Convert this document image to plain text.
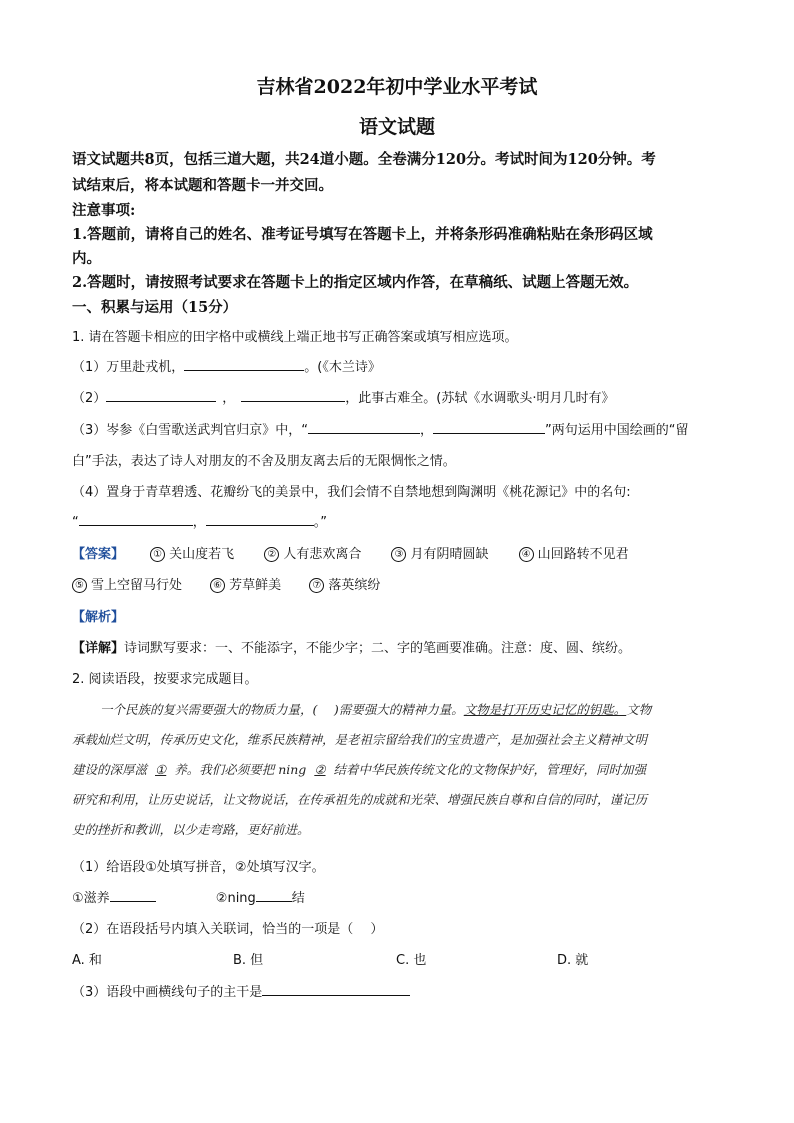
吉林省2022年初中学业水平考试
语文试题
语文试题共8页，包括三道大题，共24道小题。全卷满分120分。考试时间为120分钟。考
试结束后，将本试题和答题卡一并交回。
注意事项:
1.答题前，请将自己的姓名、准考证号填写在答题卡上，并将条形码准确粘贴在条形码区域
内。
2.答题时，请按照考试要求在答题卡上的指定区域内作答，在草稿纸、试题上答题无效。
一、积累与运用（15分）
1. 请在答题卡相应的田字格中或横线上端正地书写正确答案或填写相应选项。
（1）万里赴戎机，	。(《木兰诗》
（2）	，	，此事古难全。(苏轼《水调歌头·明月几时有》
（3）岑参《白雪歌送武判官归京》中，“	，	”两句运用中国绘画的“留
白”手法，表达了诗人对朋友的不舍及朋友离去后的无限惆怅之情。
（4）置身于青草碧透、花瓣纷飞的美景中，我们会情不自禁地想到陶渊明《桃花源记》中的名句:
“	，	。”
【答案】	① 关山度若飞	② 人有悲欢离合	③ 月有阴晴圆缺	④ 山回路转不见君
⑤ 雪上空留马行处	⑥ 芳草鲜美	⑦ 落英缤纷
【解析】
【详解】诗词默写要求：一、不能添字，不能少字；二、字的笔画要准确。注意：度、圆、缤纷。
2. 阅读语段，按要求完成题目。
一个民族的复兴需要强大的物质力量，(　 )需要强大的精神力量。文物是打开历史记忆的钥匙。文物
承载灿烂文明，传承历史文化，维系民族精神，是老祖宗留给我们的宝贵遗产，是加强社会主义精神文明
建设的深厚滋 ① 养。我们必须要把 ning ② 结着中华民族传统文化的文物保护好，管理好，同时加强
研究和利用，让历史说话，让文物说话，在传承祖先的成就和光荣、增强民族自尊和自信的同时，谨记历
史的挫折和教训，以少走弯路，更好前进。
（1）给语段①处填写拼音，②处填写汉字。
①滋养	②ning	结
（2）在语段括号内填入关联词，恰当的一项是（　 ）
A. 和	B. 但	C. 也	D. 就
（3）语段中画横线句子的主干是
